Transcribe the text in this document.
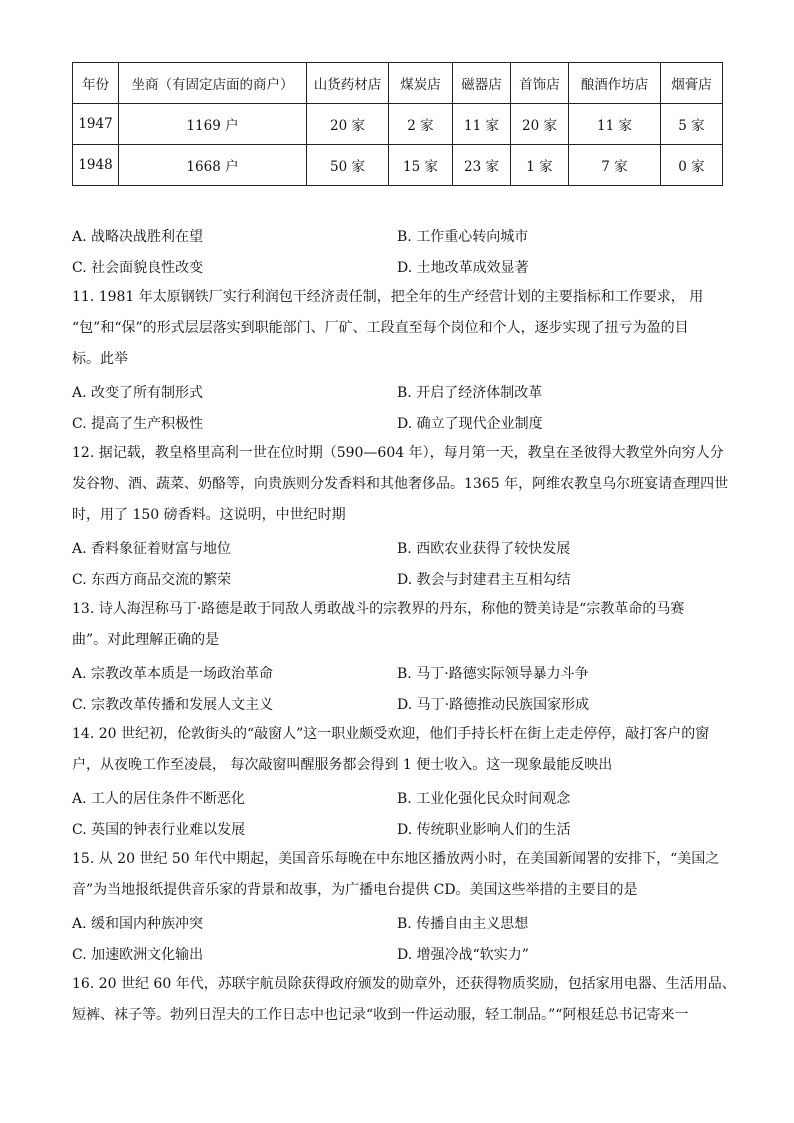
年份	坐商（有固定店面的商户）	山货药材店	煤炭店	磁器店	首饰店	酿酒作坊店	烟膏店
1947	1169 户	20 家	2 家	11 家	20 家	11 家	5 家
1948	1668 户	50 家	15 家	23 家	1 家	7 家	0 家
A. 战略决战胜利在望	B. 工作重心转向城市
C. 社会面貌良性改变	D. 土地改革成效显著

11. 1981 年太原钢铁厂实行利润包干经济责任制，把全年的生产经营计划的主要指标和工作要求， 用

“包”和“保”的形式层层落实到职能部门、厂矿、工段直至每个岗位和个人，逐步实现了扭亏为盈的目

标。此举

A. 改变了所有制形式	B. 开启了经济体制改革
C. 提高了生产积极性	D. 确立了现代企业制度

12. 据记载，教皇格里高利一世在位时期（590—604 年），每月第一天，教皇在圣彼得大教堂外向穷人分

发谷物、酒、蔬菜、奶酪等，向贵族则分发香料和其他奢侈品。1365 年，阿维农教皇乌尔班宴请查理四世

时，用了 150 磅香料。这说明，中世纪时期

A. 香料象征着财富与地位	B. 西欧农业获得了较快发展
C. 东西方商品交流的繁荣	D. 教会与封建君主互相勾结

13. 诗人海涅称马丁·路德是敢于同敌人勇敢战斗的宗教界的丹东，称他的赞美诗是“宗教革命的马赛

曲”。对此理解正确的是

A. 宗教改革本质是一场政治革命	B. 马丁·路德实际领导暴力斗争
C. 宗教改革传播和发展人文主义	D. 马丁·路德推动民族国家形成

14. 20 世纪初，伦敦街头的“敲窗人”这一职业颇受欢迎，他们手持长杆在街上走走停停，敲打客户的窗

户，从夜晚工作至凌晨， 每次敲窗叫醒服务都会得到 1 便士收入。这一现象最能反映出

A. 工人的居住条件不断恶化	B. 工业化强化民众时间观念
C. 英国的钟表行业难以发展	D. 传统职业影响人们的生活

15. 从 20 世纪 50 年代中期起，美国音乐每晚在中东地区播放两小时，在美国新闻署的安排下，“美国之

音”为当地报纸提供音乐家的背景和故事，为广播电台提供 CD。美国这些举措的主要目的是

A. 缓和国内种族冲突	B. 传播自由主义思想
C. 加速欧洲文化输出	D. 增强冷战“软实力”

16. 20 世纪 60 年代，苏联宇航员除获得政府颁发的勋章外，还获得物质奖励，包括家用电器、生活用品、

短裤、袜子等。勃列日涅夫的工作日志中也记录“收到一件运动服，轻工制品。”“阿根廷总书记寄来一
